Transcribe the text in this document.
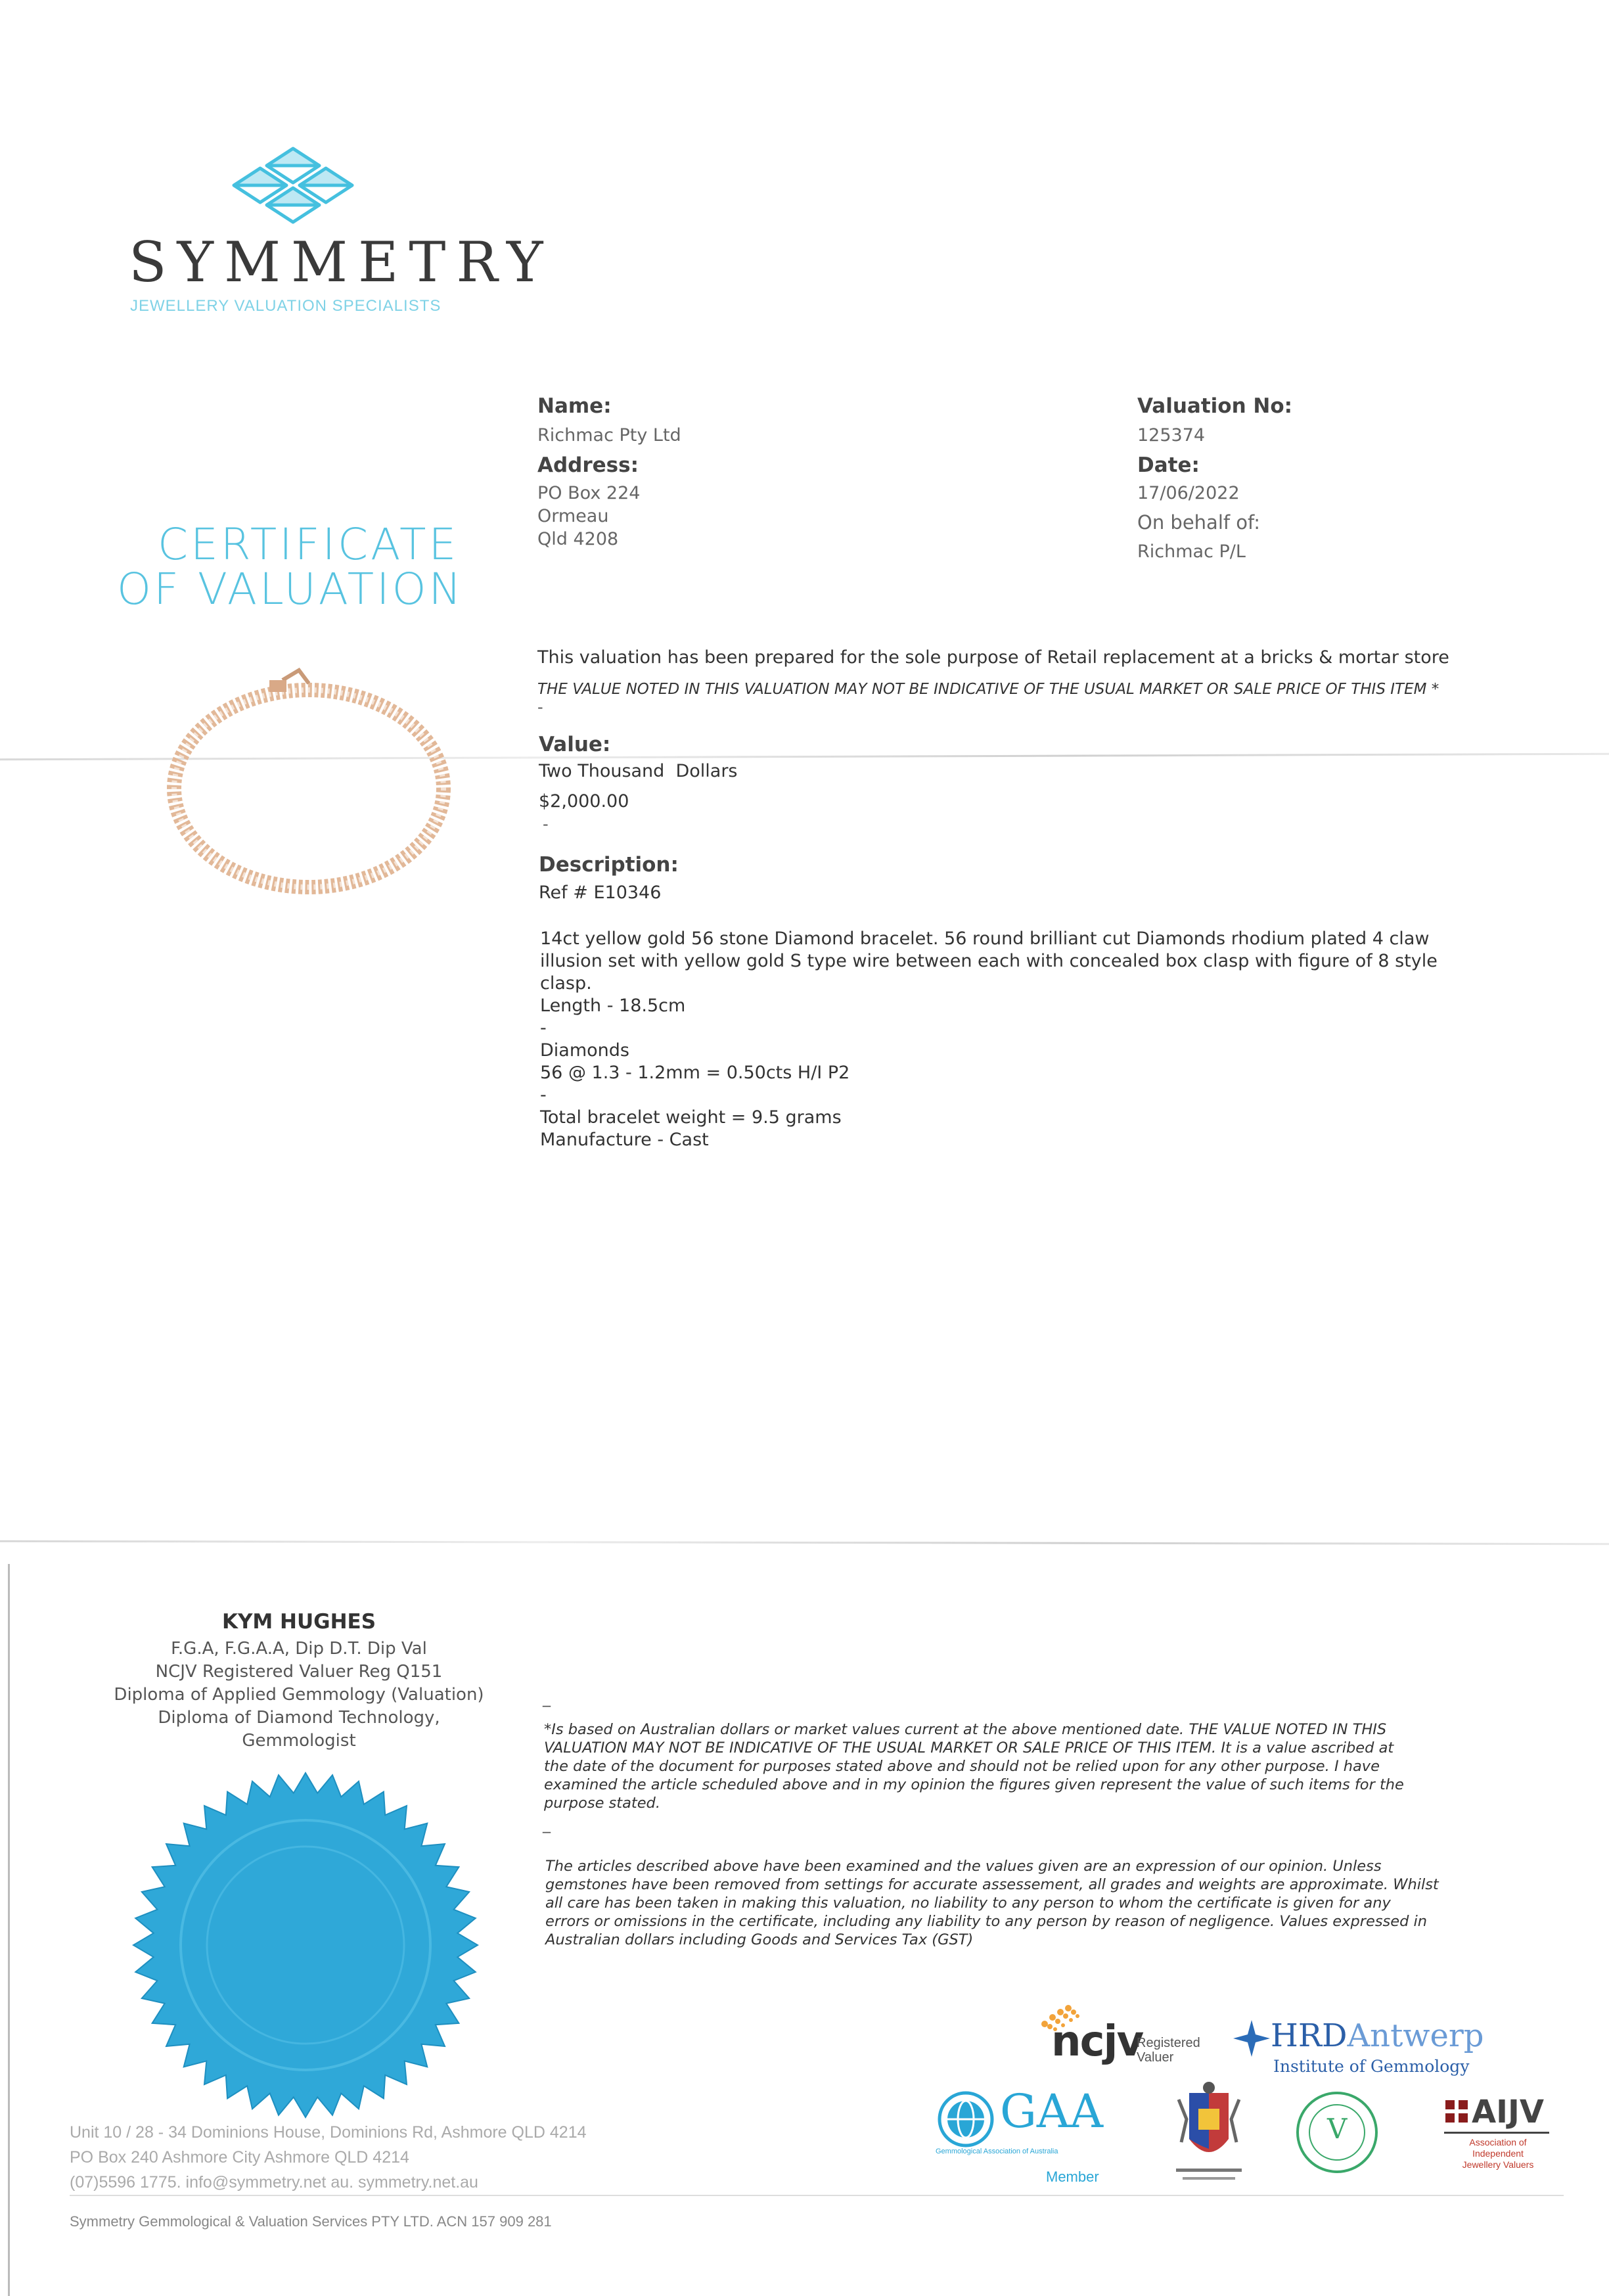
SYMMETRY
JEWELLERY VALUATION SPECIALISTS
CERTIFICATE
OF VALUATION
Name:
Richmac Pty Ltd
Address:
PO Box 224
Ormeau
Qld 4208
Valuation No:
125374
Date:
17/06/2022
On behalf of:
Richmac P/L
This valuation has been prepared for the sole purpose of Retail replacement at a bricks & mortar store
THE VALUE NOTED IN THIS VALUATION MAY NOT BE INDICATIVE OF THE USUAL MARKET OR SALE PRICE OF THIS ITEM *
-
Value:
Two Thousand  Dollars
$2,000.00
-
Description:
Ref # E10346
14ct yellow gold 56 stone Diamond bracelet. 56 round brilliant cut Diamonds rhodium plated 4 claw
illusion set with yellow gold S type wire between each with concealed box clasp with figure of 8 style
clasp.
Length - 18.5cm
-
Diamonds
56 @ 1.3 - 1.2mm = 0.50cts H/I P2
-
Total bracelet weight = 9.5 grams
Manufacture - Cast
KYM HUGHES
F.G.A, F.G.A.A, Dip D.T. Dip Val
NCJV Registered Valuer Reg Q151
Diploma of Applied Gemmology (Valuation)
Diploma of Diamond Technology,
Gemmologist
_
*Is based on Australian dollars or market values current at the above mentioned date. THE VALUE NOTED IN THIS
VALUATION MAY NOT BE INDICATIVE OF THE USUAL MARKET OR SALE PRICE OF THIS ITEM. It is a value ascribed at
the date of the document for purposes stated above and should not be relied upon for any other purpose. I have
examined the article scheduled above and in my opinion the figures given represent the value of such items for the
purpose stated.
_
The articles described above have been examined and the values given are an expression of our opinion. Unless
gemstones have been removed from settings for accurate assessement, all grades and weights are approximate. Whilst
all care has been taken in making this valuation, no liability to any person to whom the certificate is given for any
errors or omissions in the certificate, including any liability to any person by reason of negligence. Values expressed in
Australian dollars including Goods and Services Tax (GST)
ncjv
Registered
Valuer
HRDAntwerp
Institute of Gemmology
GAA
Gemmological Association of Australia
Member
V	AIJV
Association of
Independent
Jewellery Valuers
Unit 10 / 28 - 34 Dominions House, Dominions Rd, Ashmore QLD 4214
PO Box 240 Ashmore City Ashmore QLD 4214
(07)5596 1775. info@symmetry.net au. symmetry.net.au
Symmetry Gemmological & Valuation Services PTY LTD. ACN 157 909 281
